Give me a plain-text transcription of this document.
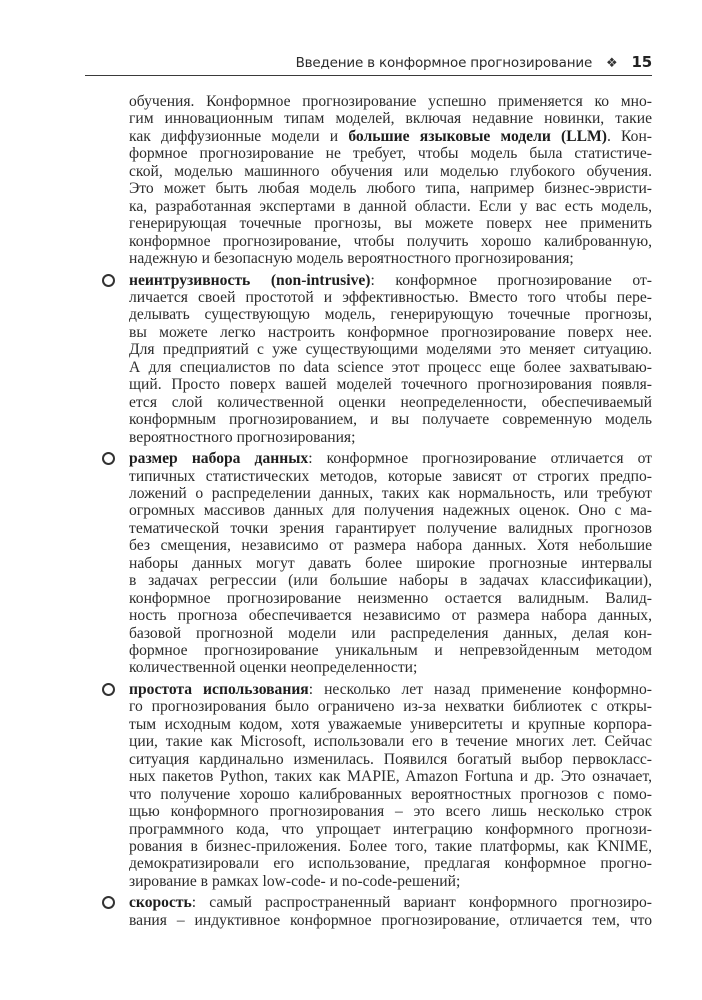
Введение в конформное прогнозирование ❖ 15
обучения. Конформное прогнозирование успешно применяется ко мно-
гим инновационным типам моделей, включая недавние новинки, такие
как диффузионные модели и большие языковые модели (LLM). Кон-
формное прогнозирование не требует, чтобы модель была статистиче-
ской, моделью машинного обучения или моделью глубокого обучения.
Это может быть любая модель любого типа, например бизнес-эвристи-
ка, разработанная экспертами в данной области. Если у вас есть модель,
генерирующая точечные прогнозы, вы можете поверх нее применить
конформное прогнозирование, чтобы получить хорошо калиброванную,
надежную и безопасную модель вероятностного прогнозирования;
неинтрузивность (non-intrusive): конформное прогнозирование от-
личается своей простотой и эффективностью. Вместо того чтобы пере-
делывать существующую модель, генерирующую точечные прогнозы,
вы можете легко настроить конформное прогнозирование поверх нее.
Для предприятий с уже существующими моделями это меняет ситуацию.
А для специалистов по data science этот процесс еще более захватываю-
щий. Просто поверх вашей моделей точечного прогнозирования появля-
ется слой количественной оценки неопределенности, обеспечиваемый
конформным прогнозированием, и вы получаете современную модель
вероятностного прогнозирования;
размер набора данных: конформное прогнозирование отличается от
типичных статистических методов, которые зависят от строгих предпо-
ложений о распределении данных, таких как нормальность, или требуют
огромных массивов данных для получения надежных оценок. Оно с ма-
тематической точки зрения гарантирует получение валидных прогнозов
без смещения, независимо от размера набора данных. Хотя небольшие
наборы данных могут давать более широкие прогнозные интервалы
в задачах регрессии (или большие наборы в задачах классификации),
конформное прогнозирование неизменно остается валидным. Валид-
ность прогноза обеспечивается независимо от размера набора данных,
базовой прогнозной модели или распределения данных, делая кон-
формное прогнозирование уникальным и непревзойденным методом
количественной оценки неопределенности;
простота использования: несколько лет назад применение конформно-
го прогнозирования было ограничено из-за нехватки библиотек с откры-
тым исходным кодом, хотя уважаемые университеты и крупные корпора-
ции, такие как Microsoft, использовали его в течение многих лет. Сейчас
ситуация кардинально изменилась. Появился богатый выбор первокласс-
ных пакетов Python, таких как MAPIE, Amazon Fortuna и др. Это означает,
что получение хорошо калиброванных вероятностных прогнозов с помо-
щью конформного прогнозирования – это всего лишь несколько строк
программного кода, что упрощает интеграцию конформного прогнози-
рования в бизнес-приложения. Более того, такие платформы, как KNIME,
демократизировали его использование, предлагая конформное прогно-
зирование в рамках low-code- и no-code-решений;
скорость: самый распространенный вариант конформного прогнозиро-
вания – индуктивное конформное прогнозирование, отличается тем, что
